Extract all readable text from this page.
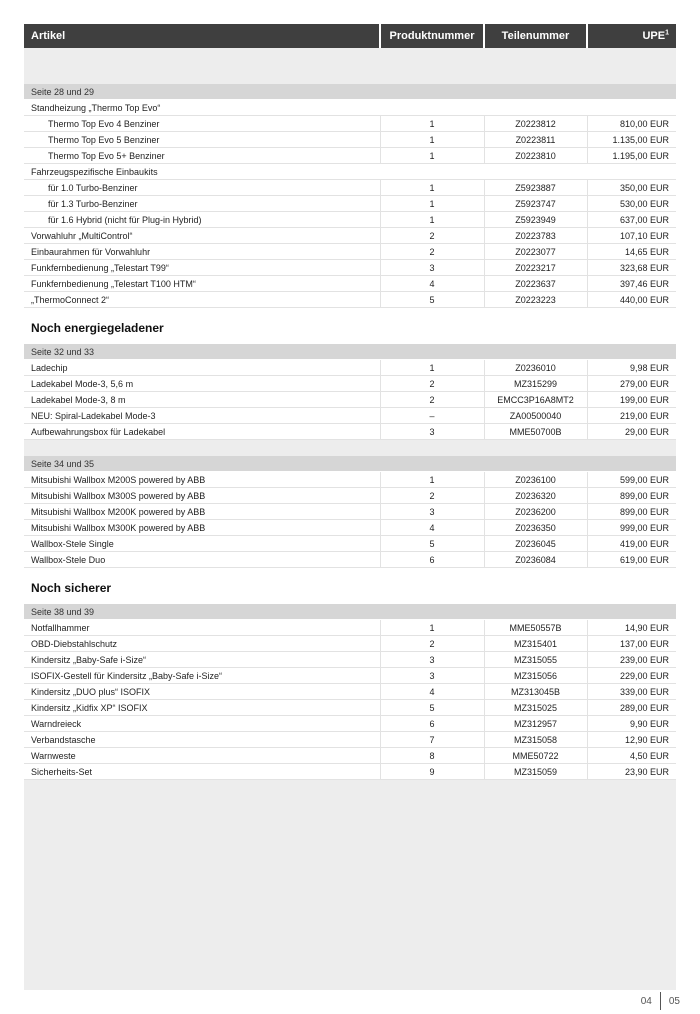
Artikel	Produktnummer	Teilenummer	UPE$^1$

Seite 28 und 29			
Standheizung „Thermo Top Evo“			
Thermo Top Evo 4 Benziner	1	Z0223812	810,00 EUR
Thermo Top Evo 5 Benziner	1	Z0223811	1.135,00 EUR
Thermo Top Evo 5+ Benziner	1	Z0223810	1.195,00 EUR
Fahrzeugspezifische Einbaukits			
für 1.0 Turbo-Benziner	1	Z5923887	350,00 EUR
für 1.3 Turbo-Benziner	1	Z5923747	530,00 EUR
für 1.6 Hybrid (nicht für Plug-in Hybrid)	1	Z5923949	637,00 EUR
Vorwahluhr „MultiControl“	2	Z0223783	107,10 EUR
Einbaurahmen für Vorwahluhr	2	Z0223077	14,65 EUR
Funkfernbedienung „Telestart T99“	3	Z0223217	323,68 EUR
Funkfernbedienung „Telestart T100 HTM“	4	Z0223637	397,46 EUR
„ThermoConnect 2“	5	Z0223223	440,00 EUR
Noch energiegeladener			
Seite 32 und 33			
Ladechip	1	Z0236010	9,98 EUR
Ladekabel Mode-3, 5,6 m	2	MZ315299	279,00 EUR
Ladekabel Mode-3, 8 m	2	EMCC3P16A8MT2	199,00 EUR
NEU: Spiral-Ladekabel Mode-3	–	ZA00500040	219,00 EUR
Aufbewahrungsbox für Ladekabel	3	MME50700B	29,00 EUR

Seite 34 und 35			
Mitsubishi Wallbox M200S powered by ABB	1	Z0236100	599,00 EUR
Mitsubishi Wallbox M300S powered by ABB	2	Z0236320	899,00 EUR
Mitsubishi Wallbox M200K powered by ABB	3	Z0236200	899,00 EUR
Mitsubishi Wallbox M300K powered by ABB	4	Z0236350	999,00 EUR
Wallbox-Stele Single	5	Z0236045	419,00 EUR
Wallbox-Stele Duo	6	Z0236084	619,00 EUR
Noch sicherer			
Seite 38 und 39			
Notfallhammer	1	MME50557B	14,90 EUR
OBD-Diebstahlschutz	2	MZ315401	137,00 EUR
Kindersitz „Baby-Safe i-Size“	3	MZ315055	239,00 EUR
ISOFIX-Gestell für Kindersitz „Baby-Safe i-Size“	3	MZ315056	229,00 EUR
Kindersitz „DUO plus“ ISOFIX	4	MZ313045B	339,00 EUR
Kindersitz „Kidfix XP“ ISOFIX	5	MZ315025	289,00 EUR
Warndreieck	6	MZ312957	9,90 EUR
Verbandstasche	7	MZ315058	12,90 EUR
Warnweste	8	MME50722	4,50 EUR
Sicherheits-Set	9	MZ315059	23,90 EUR
04 05
